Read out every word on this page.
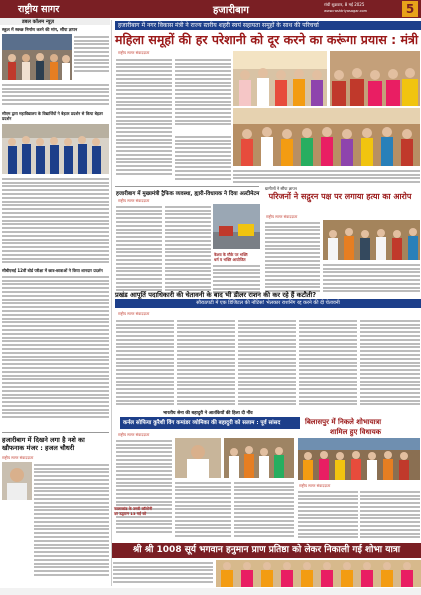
राष्ट्रीय सागर	हजारीबाग
रांची शुक्रवार, 8 मई 2025
www.rashtriyasagar.com	5
डबल कॉलम न्यूज़
स्कूल में स्वच्छ निर्माण करने की मांग, सौंपा ज्ञापन
सीएम द्वारा महाविद्यालय के विद्यार्थियों ने बेहतर प्रदर्शन से किया बेहतर प्रदर्शन
सीबीएसई 12वीं बोर्ड परीक्षा में छात्र-छात्राओं ने किया शानदार प्रदर्शन
हजारीबाग में दिखने लगा है नशे का खौफनाक मंजर : हजल चौधरी
राष्ट्रीय सागर संवाददाता
हजारीबाग में नगर विकास मंत्री ने राज्य स्तरीय शहरी स्वयं सहायता समूहों के साथ की परिचर्चा
महिला समूहों की हर परेशानी को दूर करने का करूंगा प्रयास : मंत्री
राष्ट्रीय सागर संवाददाता
हजारीबाग में मुख्यमंत्री ट्रैफिक व्यवस्था, ह्यारी-विधायक ने दिया अल्टीमेटम
राष्ट्रीय सागर संवाददाता
केशव के मौके पर भक्ति
धर्म व भक्ति आयोजित
ग्रामीणों ने सौंपा ज्ञापन
परिजनों ने सद्गुरन पक्ष पर लगाया हत्या का आरोप
राष्ट्रीय सागर संवाददाता
प्रखंड आपूर्ति पदाधिकारी की चेतावनी के बाद भी डीलर राशन की कर रहे हैं कटौती?
सौराठपटी में एक डिजिटल की नोटिस! भेलकार राशनिंग रद्द करने की दी चेतावनी
राष्ट्रीय सागर संवाददाता
भारतीय सेना की बहादुरी ने आतंकियों की हिला दी नींव
कर्नल सोफिया कुरैशी विंग कमांडर व्योमिका की बहादुरी को सलाम : पूर्व सांसद
राष्ट्रीय सागर संवाददाता
कालाकांड के उत्तरी कॉलोनी
का उद्घाटन 13 मई को
बिलासपुर में निकले शोभायात्रा
शामिल हुए विधायक
राष्ट्रीय सागर संवाददाता
श्री श्री 1008 सूर्य भगवान हनुमान प्राण प्रतिष्ठा को लेकर निकाली गई शोभा यात्रा
